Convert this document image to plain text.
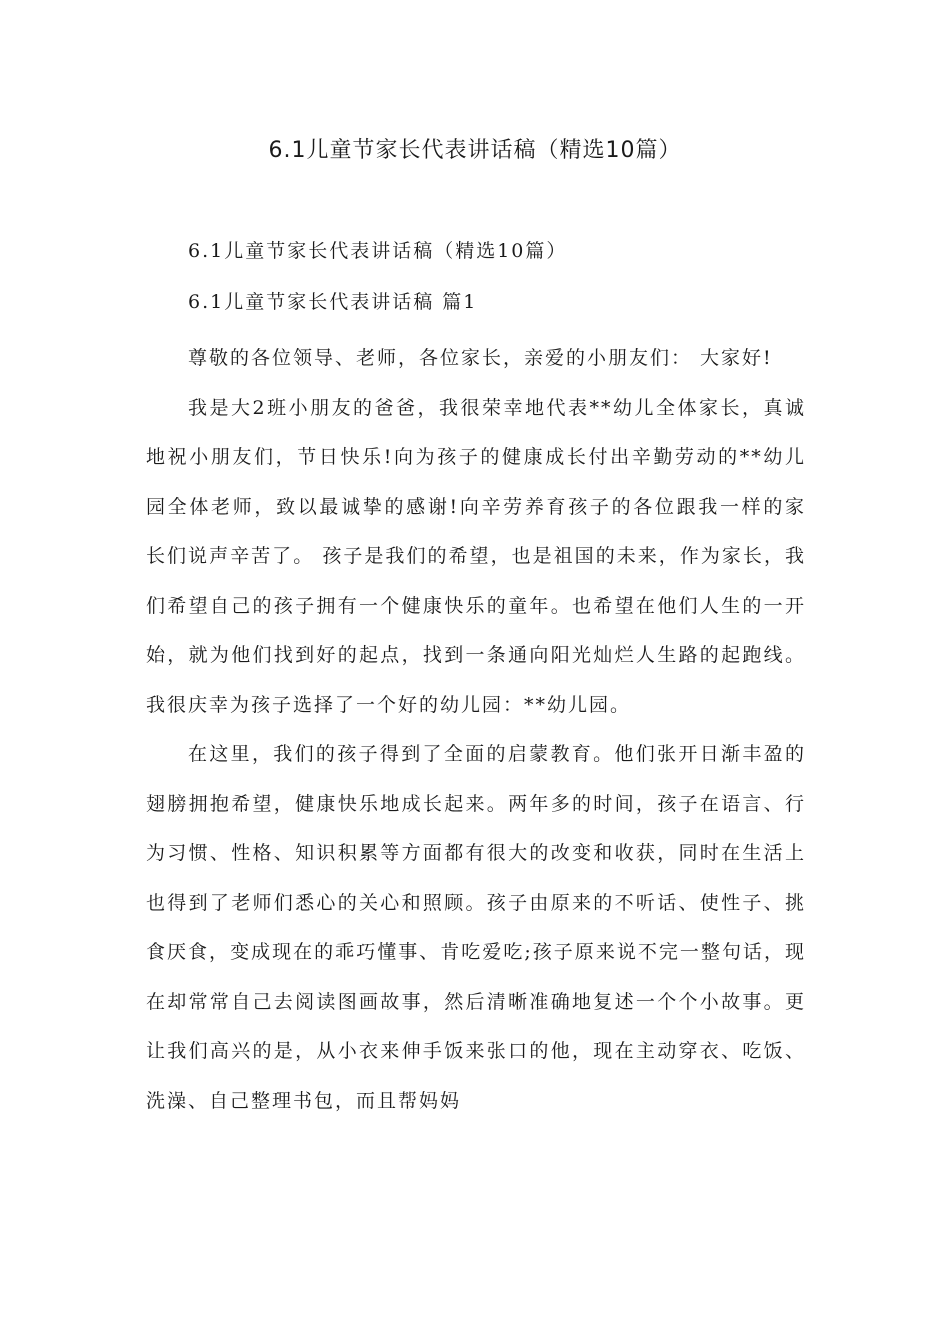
6.1儿童节家长代表讲话稿（精选10篇）

6.1儿童节家长代表讲话稿（精选10篇）

6.1儿童节家长代表讲话稿 篇1

尊敬的各位领导、老师，各位家长，亲爱的小朋友们： 大家好!

我是大2班小朋友的爸爸，我很荣幸地代表**幼儿全体家长，真诚地祝小朋友们，节日快乐!向为孩子的健康成长付出辛勤劳动的**幼儿园全体老师，致以最诚挚的感谢!向辛劳养育孩子的各位跟我一样的家长们说声辛苦了。 孩子是我们的希望，也是祖国的未来，作为家长，我们希望自己的孩子拥有一个健康快乐的童年。也希望在他们人生的一开始，就为他们找到好的起点，找到一条通向阳光灿烂人生路的起跑线。我很庆幸为孩子选择了一个好的幼儿园：**幼儿园。

在这里，我们的孩子得到了全面的启蒙教育。他们张开日渐丰盈的翅膀拥抱希望，健康快乐地成长起来。两年多的时间，孩子在语言、行为习惯、性格、知识积累等方面都有很大的改变和收获，同时在生活上也得到了老师们悉心的关心和照顾。孩子由原来的不听话、使性子、挑食厌食，变成现在的乖巧懂事、肯吃爱吃;孩子原来说不完一整句话，现在却常常自己去阅读图画故事，然后清晰准确地复述一个个小故事。更让我们高兴的是，从小衣来伸手饭来张口的他，现在主动穿衣、吃饭、洗澡、自己整理书包，而且帮妈妈
